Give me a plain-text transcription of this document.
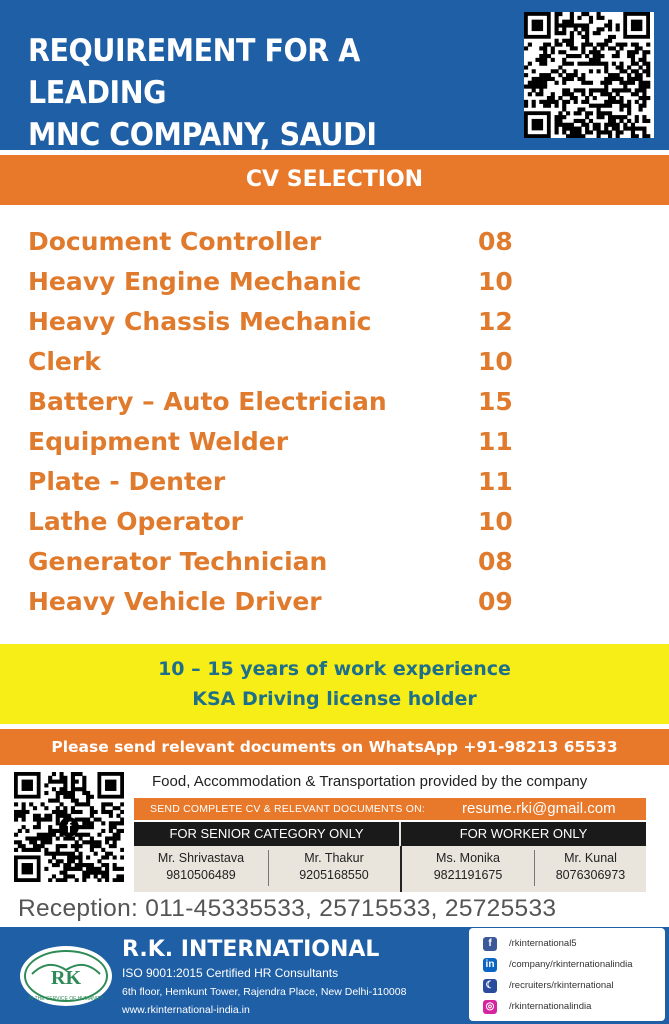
REQUIREMENT FOR A LEADING
MNC COMPANY, SAUDI
CV SELECTION
Document Controller	08
Heavy Engine Mechanic	10
Heavy Chassis Mechanic	12
Clerk	10
Battery – Auto Electrician	15
Equipment Welder	11
Plate - Denter	11
Lathe Operator	10
Generator Technician	08
Heavy Vehicle Driver	09
10 – 15 years of work experience
KSA Driving license holder
Please send relevant documents on WhatsApp +91-98213 65533
f
Food, Accommodation & Transportation provided by the company
SEND COMPLETE CV & RELEVANT DOCUMENTS ON: resume.rki@gmail.com
FOR SENIOR CATEGORY ONLY	FOR WORKER ONLY
Mr. Shrivastava
9810506489
Mr. Thakur
9205168550
Ms. Monika
9821191675
Mr. Kunal
8076306973
Reception: 011-45335533, 25715533, 25725533
RK
IN THE SERVICE OF HUMANITY
R.K. INTERNATIONAL
ISO 9001:2015 Certified HR Consultants
6th floor, Hemkunt Tower, Rajendra Place, New Delhi-110008
www.rkinternational-india.in
f	/rkinternational5
in /company/rkinternationalindia
☾ /recruiters/rkinternational
◎ /rkinternationalindia
